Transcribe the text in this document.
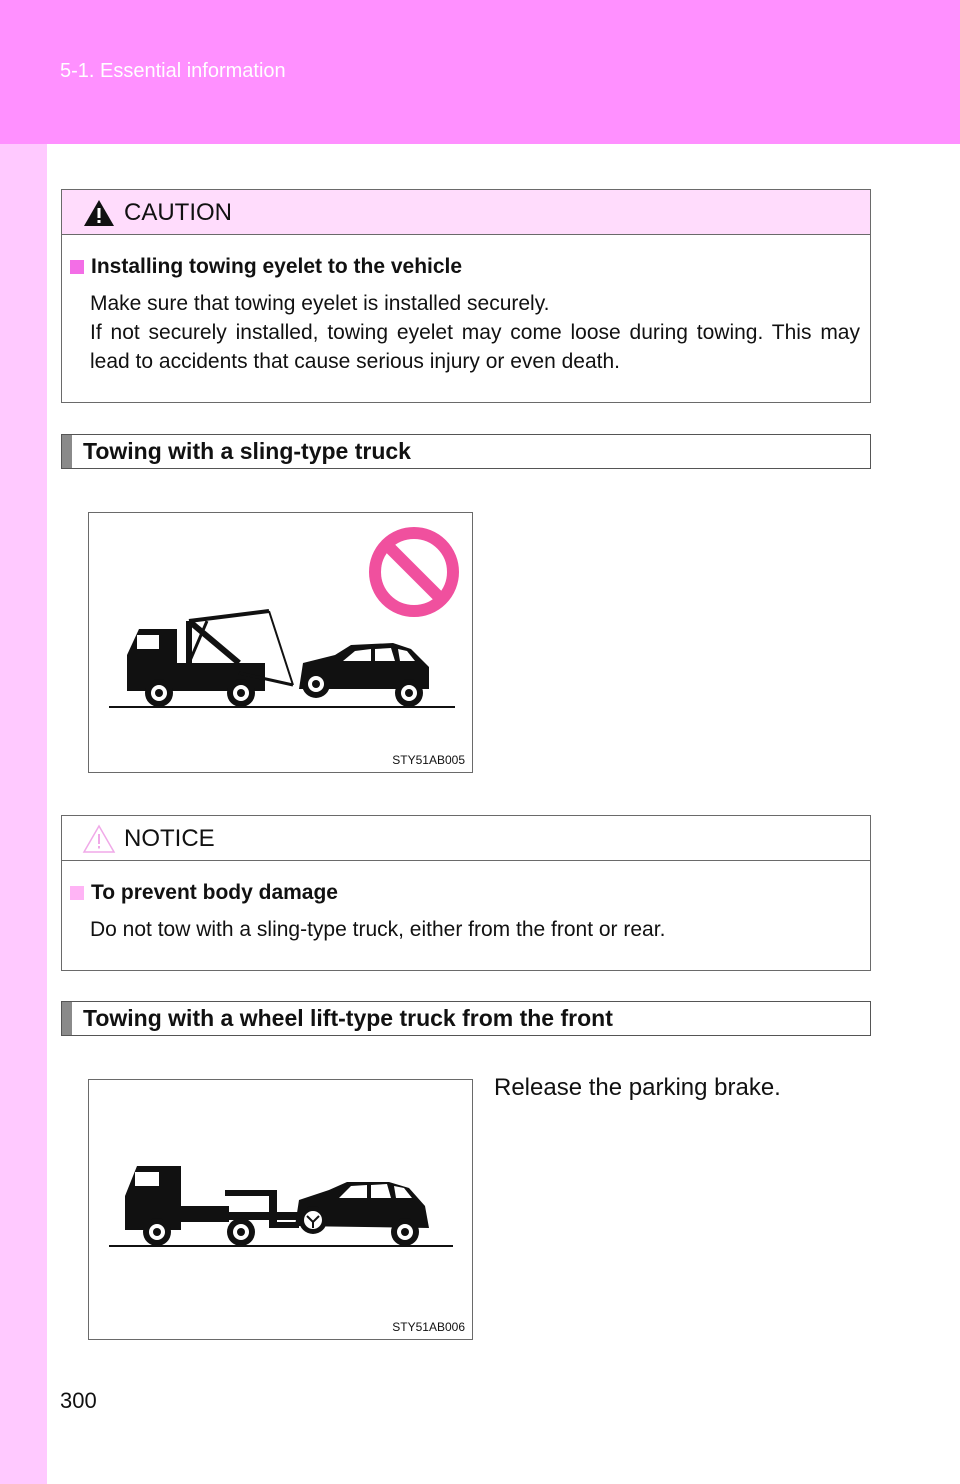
5-1. Essential information
CAUTION
Installing towing eyelet to the vehicle
Make sure that towing eyelet is installed securely.
If not securely installed, towing eyelet may come loose during towing. This may lead to accidents that cause serious injury or even death.
Towing with a sling-type truck
STY51AB005
NOTICE
To prevent body damage
Do not tow with a sling-type truck, either from the front or rear.
Towing with a wheel lift-type truck from the front
STY51AB006
Release the parking brake.
300
